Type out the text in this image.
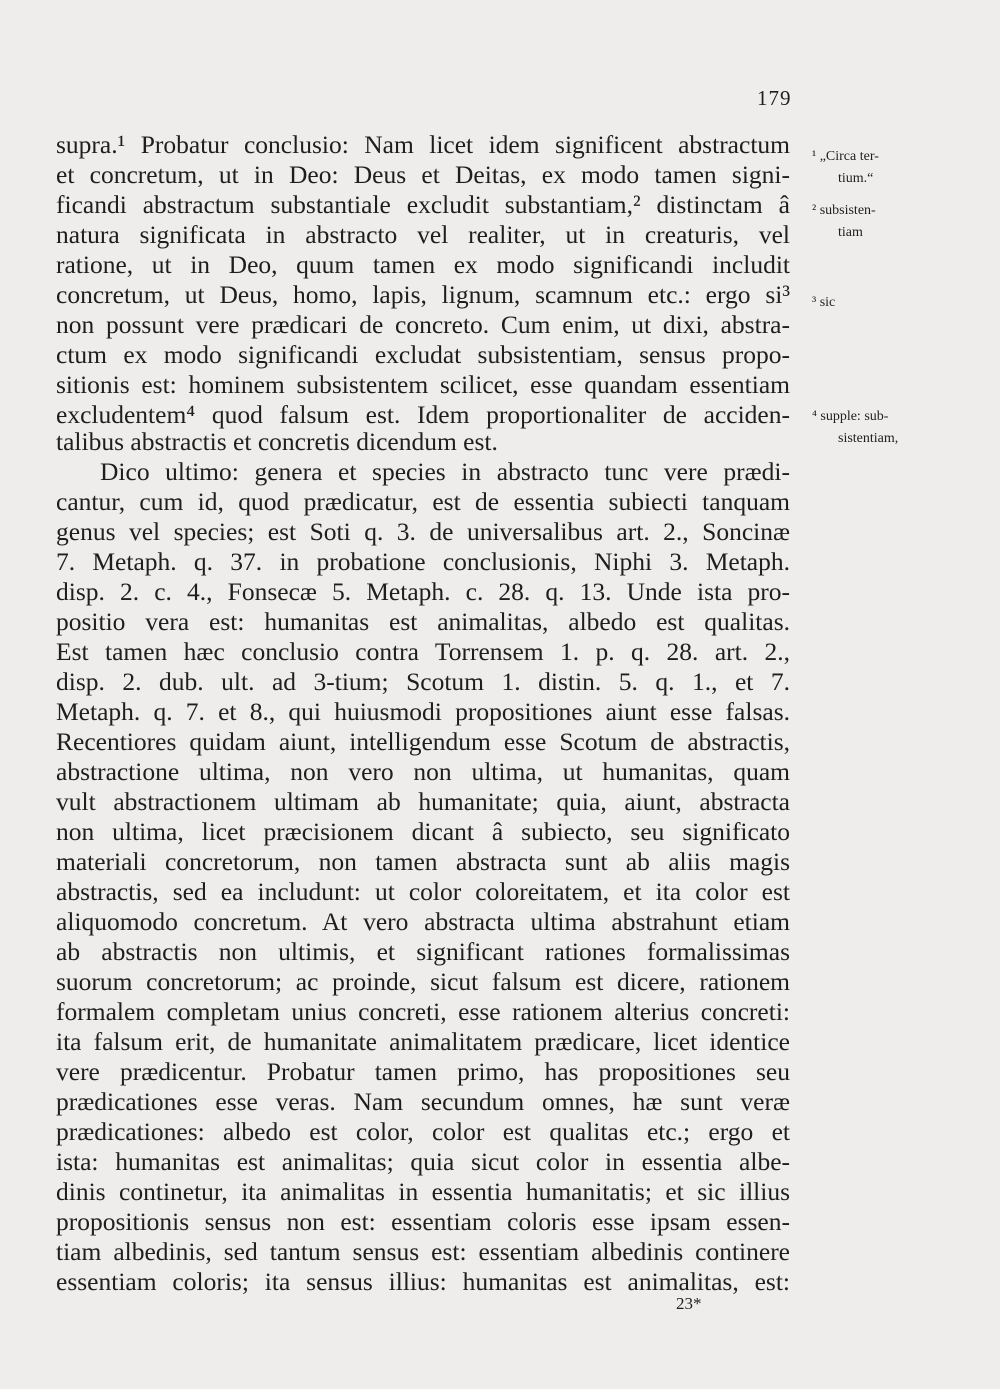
179
supra.¹ Probatur conclusio: Nam licet idem significent abstractum
et concretum, ut in Deo: Deus et Deitas, ex modo tamen signi-
ficandi abstractum substantiale excludit substantiam,² distinctam â
natura significata in abstracto vel realiter, ut in creaturis, vel
ratione, ut in Deo, quum tamen ex modo significandi includit
concretum, ut Deus, homo, lapis, lignum, scamnum etc.: ergo si³
non possunt vere prædicari de concreto. Cum enim, ut dixi, abstra-
ctum ex modo significandi excludat subsistentiam, sensus propo-
sitionis est: hominem subsistentem scilicet, esse quandam essentiam
excludentem⁴ quod falsum est. Idem proportionaliter de acciden-
talibus abstractis et concretis dicendum est.
Dico ultimo: genera et species in abstracto tunc vere prædi-
cantur, cum id, quod prædicatur, est de essentia subiecti tanquam
genus vel species; est Soti q. 3. de universalibus art. 2., Soncinæ
7. Metaph. q. 37. in probatione conclusionis, Niphi 3. Metaph.
disp. 2. c. 4., Fonsecæ 5. Metaph. c. 28. q. 13. Unde ista pro-
positio vera est: humanitas est animalitas, albedo est qualitas.
Est tamen hæc conclusio contra Torrensem 1. p. q. 28. art. 2.,
disp. 2. dub. ult. ad 3-tium; Scotum 1. distin. 5. q. 1., et 7.
Metaph. q. 7. et 8., qui huiusmodi propositiones aiunt esse falsas.
Recentiores quidam aiunt, intelligendum esse Scotum de abstractis,
abstractione ultima, non vero non ultima, ut humanitas, quam
vult abstractionem ultimam ab humanitate; quia, aiunt, abstracta
non ultima, licet præcisionem dicant â subiecto, seu significato
materiali concretorum, non tamen abstracta sunt ab aliis magis
abstractis, sed ea includunt: ut color coloreitatem, et ita color est
aliquomodo concretum. At vero abstracta ultima abstrahunt etiam
ab abstractis non ultimis, et significant rationes formalissimas
suorum concretorum; ac proinde, sicut falsum est dicere, rationem
formalem completam unius concreti, esse rationem alterius concreti:
ita falsum erit, de humanitate animalitatem prædicare, licet identice
vere prædicentur. Probatur tamen primo, has propositiones seu
prædicationes esse veras. Nam secundum omnes, hæ sunt veræ
prædicationes: albedo est color, color est qualitas etc.; ergo et
ista: humanitas est animalitas; quia sicut color in essentia albe-
dinis continetur, ita animalitas in essentia humanitatis; et sic illius
propositionis sensus non est: essentiam coloris esse ipsam essen-
tiam albedinis, sed tantum sensus est: essentiam albedinis continere
essentiam coloris; ita sensus illius: humanitas est animalitas, est:
¹ „Circa ter-
tium.“
² subsisten-
tiam
³ sic
⁴ supple: sub-
sistentiam,
23*
